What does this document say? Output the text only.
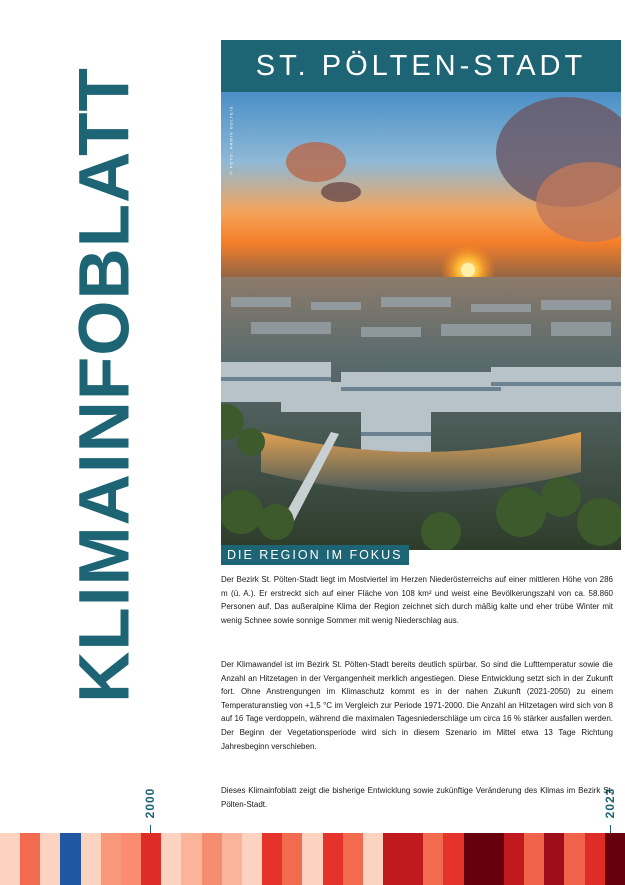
KLIMAINFOBLATT
2000	2023
ST. PÖLTEN-STADT
© FOTO: ARMIN KOLTEIS
DIE REGION IM FOKUS

Der Bezirk St. Pölten-Stadt liegt im Mostviertel im Herzen Niederösterreichs auf einer mittleren Höhe von 286 m (ü. A.). Er erstreckt sich auf einer Fläche von 108 km² und weist eine Bevölkerungszahl von ca. 58.860 Personen auf. Das außeralpine Klima der Region zeichnet sich durch mäßig kalte und eher trübe Winter mit wenig Schnee sowie sonnige Sommer mit wenig Niederschlag aus.

Der Klimawandel ist im Bezirk St. Pölten-Stadt bereits deutlich spürbar. So sind die Lufttemperatur sowie die Anzahl an Hitzetagen in der Vergangenheit merklich angestiegen. Diese Entwicklung setzt sich in der Zukunft fort. Ohne Anstrengungen im Klimaschutz kommt es in der nahen Zukunft (2021-2050) zu einem Temperaturanstieg von +1,5 °C im Vergleich zur Periode 1971-2000. Die Anzahl an Hitzetagen wird sich von 8 auf 16 Tage verdoppeln, während die maximalen Tagesniederschläge um circa 16 % stärker ausfallen werden. Der Beginn der Vegetationsperiode wird sich in diesem Szenario im Mittel etwa 13 Tage Richtung Jahresbeginn verschieben.

Dieses Klimainfoblatt zeigt die bisherige Entwicklung sowie zukünftige Veränderung des Klimas im Bezirk St. Pölten-Stadt.
